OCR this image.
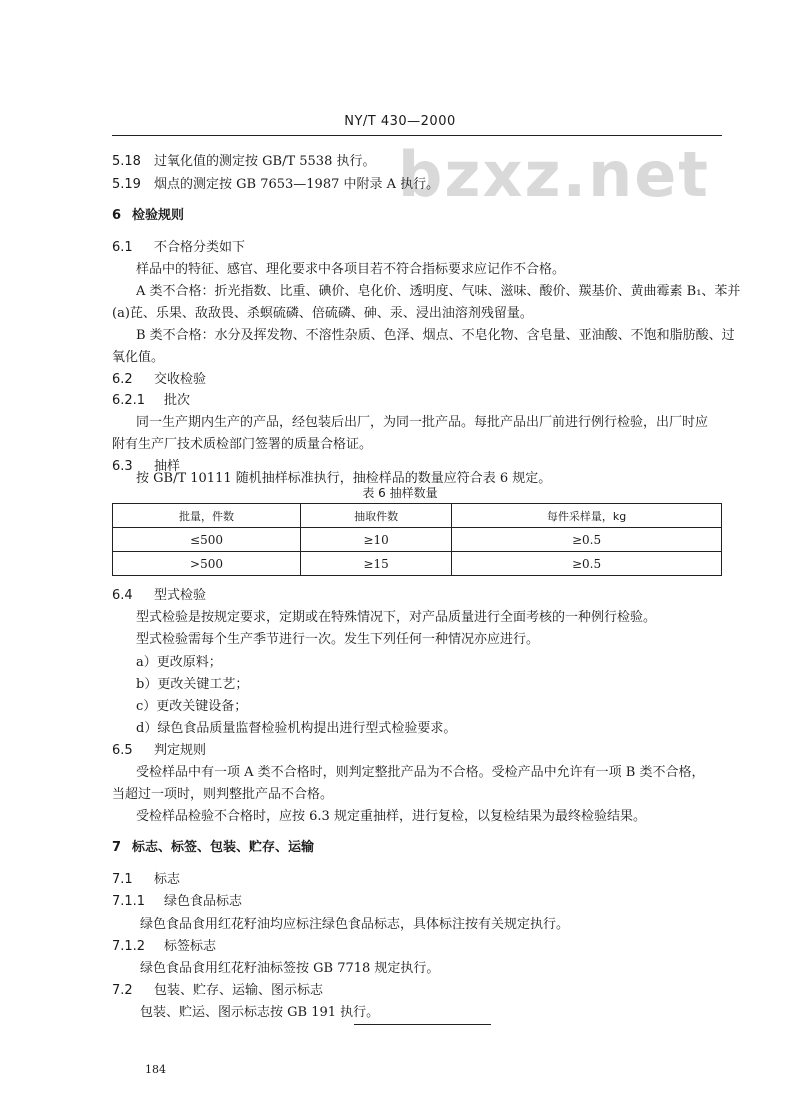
NY/T 430—2000
bzxz.net
5.18 过氧化值的测定按 GB/T 5538 执行。
5.19 烟点的测定按 GB 7653—1987 中附录 A 执行。
6 检验规则
6.1 不合格分类如下
样品中的特征、感官、理化要求中各项目若不符合指标要求应记作不合格。
A 类不合格：折光指数、比重、碘价、皂化价、透明度、气味、滋味、酸价、羰基价、黄曲霉素 B₁、苯并
(a)芘、乐果、敌敌畏、杀螟硫磷、倍硫磷、砷、汞、浸出油溶剂残留量。
B 类不合格：水分及挥发物、不溶性杂质、色泽、烟点、不皂化物、含皂量、亚油酸、不饱和脂肪酸、过
氧化值。
6.2 交收检验
6.2.1 批次
同一生产期内生产的产品，经包装后出厂，为同一批产品。每批产品出厂前进行例行检验，出厂时应
附有生产厂技术质检部门签署的质量合格证。
6.3 抽样
按 GB/T 10111 随机抽样标准执行，抽检样品的数量应符合表 6 规定。
表 6 抽样数量
批量，件数	抽取件数	每件采样量，kg
≤500	≥10	≥0.5
>500	≥15	≥0.5
6.4 型式检验
型式检验是按规定要求，定期或在特殊情况下，对产品质量进行全面考核的一种例行检验。
型式检验需每个生产季节进行一次。发生下列任何一种情况亦应进行。
a）更改原料；
b）更改关键工艺；
c）更改关键设备；
d）绿色食品质量监督检验机构提出进行型式检验要求。
6.5 判定规则
受检样品中有一项 A 类不合格时，则判定整批产品为不合格。受检产品中允许有一项 B 类不合格，
当超过一项时，则判整批产品不合格。
受检样品检验不合格时，应按 6.3 规定重抽样，进行复检，以复检结果为最终检验结果。
7 标志、标签、包装、贮存、运输
7.1 标志
7.1.1 绿色食品标志
绿色食品食用红花籽油均应标注绿色食品标志，具体标注按有关规定执行。
7.1.2 标签标志
绿色食品食用红花籽油标签按 GB 7718 规定执行。
7.2 包装、贮存、运输、图示标志
包装、贮运、图示标志按 GB 191 执行。
184
